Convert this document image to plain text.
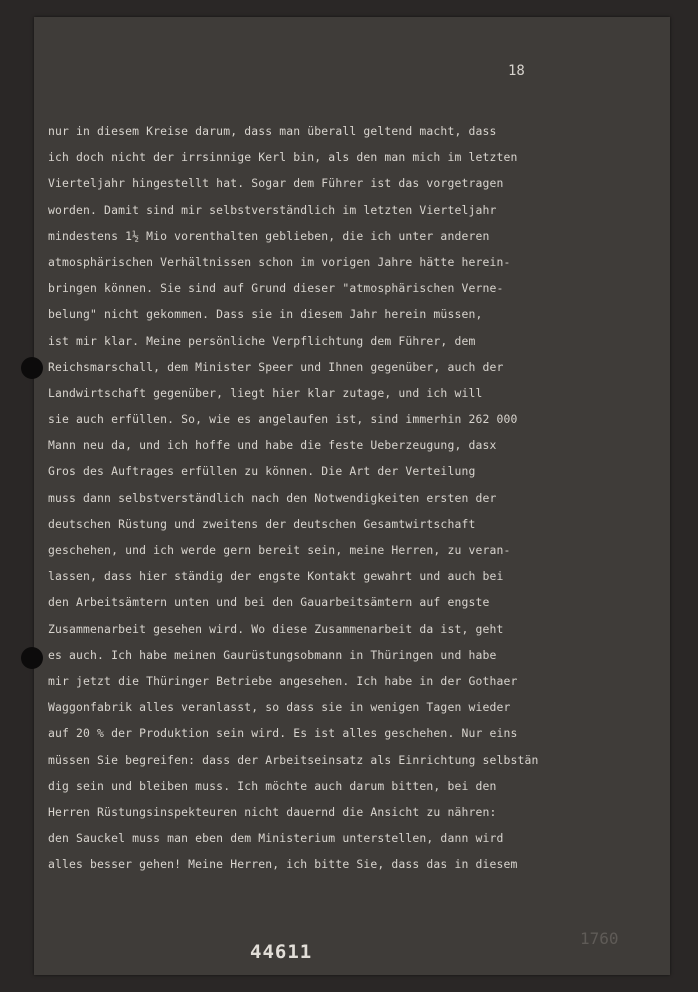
18
nur in diesem Kreise darum, dass man überall geltend macht, dass
ich doch nicht der irrsinnige Kerl bin, als den man mich im letzten
Vierteljahr hingestellt hat. Sogar dem Führer ist das vorgetragen
worden. Damit sind mir selbstverständlich im letzten Vierteljahr
mindestens 1½ Mio vorenthalten geblieben, die ich unter anderen
atmosphärischen Verhältnissen schon im vorigen Jahre hätte herein-
bringen können. Sie sind auf Grund dieser "atmosphärischen Verne-
belung" nicht gekommen. Dass sie in diesem Jahr herein müssen,
ist mir klar. Meine persönliche Verpflichtung dem Führer, dem
Reichsmarschall, dem Minister Speer und Ihnen gegenüber, auch der
Landwirtschaft gegenüber, liegt hier klar zutage, und ich will
sie auch erfüllen. So, wie es angelaufen ist, sind immerhin 262 000
Mann neu da, und ich hoffe und habe die feste Ueberzeugung, dasx
Gros des Auftrages erfüllen zu können. Die Art der Verteilung
muss dann selbstverständlich nach den Notwendigkeiten ersten der
deutschen Rüstung und zweitens der deutschen Gesamtwirtschaft
geschehen, und ich werde gern bereit sein, meine Herren, zu veran-
lassen, dass hier ständig der engste Kontakt gewahrt und auch bei
den Arbeitsämtern unten und bei den Gauarbeitsämtern auf engste
Zusammenarbeit gesehen wird. Wo diese Zusammenarbeit da ist, geht
es auch. Ich habe meinen Gaurüstungsobmann in Thüringen und habe
mir jetzt die Thüringer Betriebe angesehen. Ich habe in der Gothaer
Waggonfabrik alles veranlasst, so dass sie in wenigen Tagen wieder
auf 20 % der Produktion sein wird. Es ist alles geschehen. Nur eins
müssen Sie begreifen: dass der Arbeitseinsatz als Einrichtung selbstän
dig sein und bleiben muss. Ich möchte auch darum bitten, bei den
Herren Rüstungsinspekteuren nicht dauernd die Ansicht zu nähren:
den Sauckel muss man eben dem Ministerium unterstellen, dann wird
alles besser gehen! Meine Herren, ich bitte Sie, dass das in diesem
1760
44611
